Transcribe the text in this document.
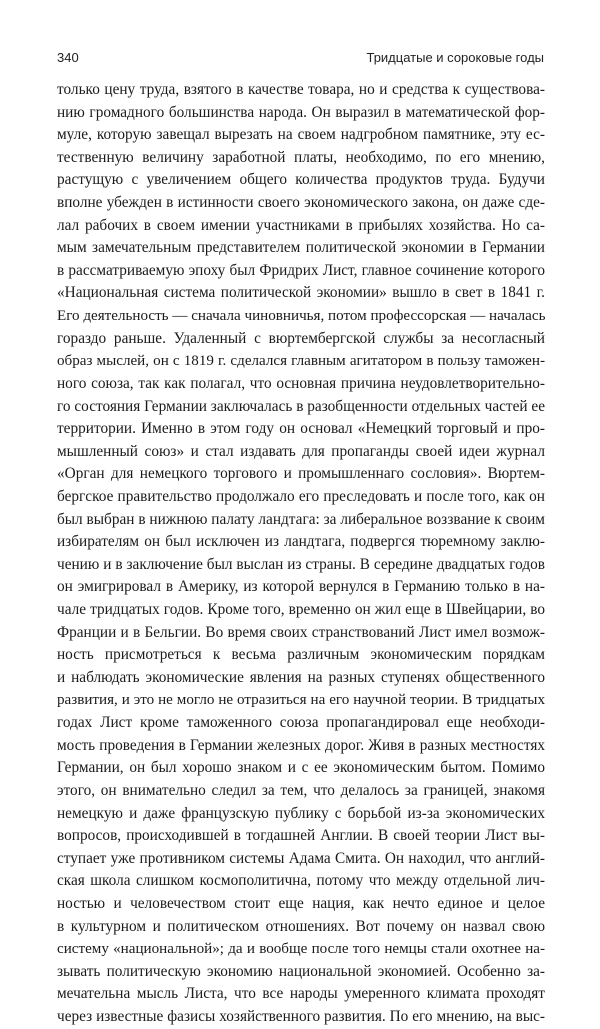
340	Тридцатые и сороковые годы
только цену труда, взятого в качестве товара, но и средства к существова-
нию громадного большинства народа. Он выразил в математической фор-
муле, которую завещал вырезать на своем надгробном памятнике, эту ес-
тественную величину заработной платы, необходимо, по его мнению,
растущую с увеличением общего количества продуктов труда. Будучи
вполне убежден в истинности своего экономического закона, он даже сде-
лал рабочих в своем имении участниками в прибылях хозяйства. Но са-
мым замечательным представителем политической экономии в Германии
в рассматриваемую эпоху был Фридрих Лист, главное сочинение которого
«Национальная система политической экономии» вышло в свет в 1841 г.
Его деятельность — сначала чиновничья, потом профессорская — началась
гораздо раньше. Удаленный с вюртембергской службы за несогласный
образ мыслей, он с 1819 г. сделался главным агитатором в пользу таможен-
ного союза, так как полагал, что основная причина неудовлетворительно-
го состояния Германии заключалась в разобщенности отдельных частей ее
территории. Именно в этом году он основал «Немецкий торговый и про-
мышленный союз» и стал издавать для пропаганды своей идеи журнал
«Орган для немецкого торгового и промышленнаго сословия». Вюртем-
бергское правительство продолжало его преследовать и после того, как он
был выбран в нижнюю палату ландтага: за либеральное воззвание к своим
избирателям он был исключен из ландтага, подвергся тюремному заклю-
чению и в заключение был выслан из страны. В середине двадцатых годов
он эмигрировал в Америку, из которой вернулся в Германию только в на-
чале тридцатых годов. Кроме того, временно он жил еще в Швейцарии, во
Франции и в Бельгии. Во время своих странствований Лист имел возмож-
ность присмотреться к весьма различным экономическим порядкам
и наблюдать экономические явления на разных ступенях общественного
развития, и это не могло не отразиться на его научной теории. В тридцатых
годах Лист кроме таможенного союза пропагандировал еще необходи-
мость проведения в Германии железных дорог. Живя в разных местностях
Германии, он был хорошо знаком и с ее экономическим бытом. Помимо
этого, он внимательно следил за тем, что делалось за границей, знакомя
немецкую и даже французскую публику с борьбой из-за экономических
вопросов, происходившей в тогдашней Англии. В своей теории Лист вы-
ступает уже противником системы Адама Смита. Он находил, что англий-
ская школа слишком космополитична, потому что между отдельной лич-
ностью и человечеством стоит еще нация, как нечто единое и целое
в культурном и политическом отношениях. Вот почему он назвал свою
систему «национальной»; да и вообще после того немцы стали охотнее на-
зывать политическую экономию национальной экономией. Особенно за-
мечательна мысль Листа, что все народы умеренного климата проходят
через известные фазисы хозяйственного развития. По его мнению, на выс-
